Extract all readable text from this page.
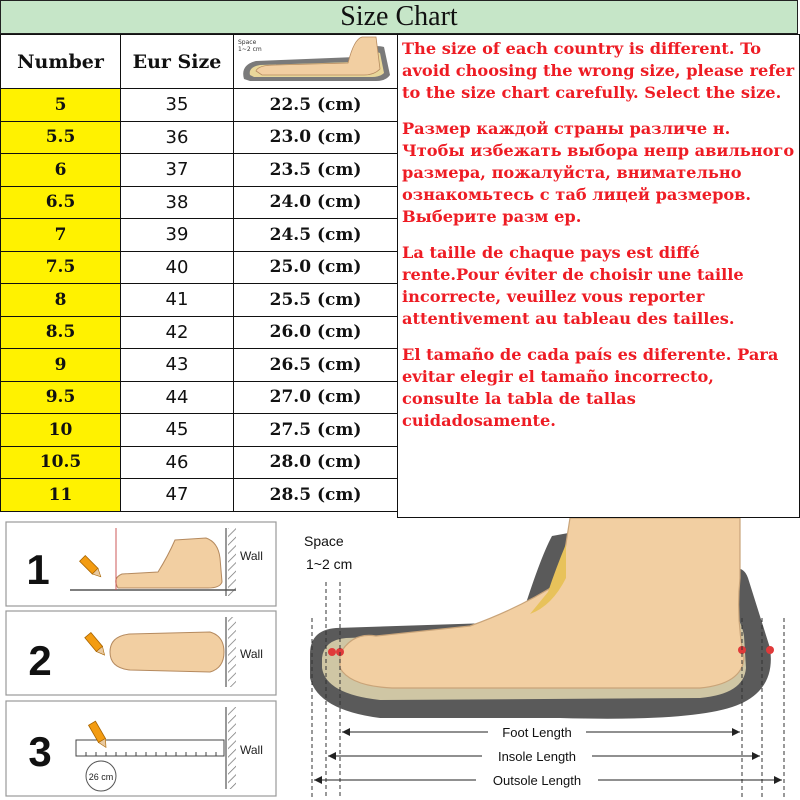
Size Chart
Number	Eur Size	Space
1~2 cm

5	35	22.5 (cm)
5.5	36	23.0 (cm)
6	37	23.5 (cm)
6.5	38	24.0 (cm)
7	39	24.5 (cm)
7.5	40	25.0 (cm)
8	41	25.5 (cm)
8.5	42	26.0 (cm)
9	43	26.5 (cm)
9.5	44	27.0 (cm)
10	45	27.5 (cm)
10.5	46	28.0 (cm)
11	47	28.5 (cm)

The size of each country is different. To avoid choosing the wrong size, please refer to the size chart carefully. Select the size.

Размер каждой страны различе н. Чтобы избежать выбора непр авильного размера, пожалуйста, внимательно ознакомьтесь с таб лицей размеров. Выберите разм ер.

La taille de chaque pays est diffé rente.Pour éviter de choisir une taille incorrecte, veuillez vous reporter attentivement au tableau des tailles.

El tamaño de cada país es diferente. Para evitar elegir el tamaño incorrecto, consulte la tabla de tallas cuidadosamente.

1	Wall
2	Wall
3
26 cm
Wall
Space
1~2 cm
Foot Length
Insole Length
Outsole Length
